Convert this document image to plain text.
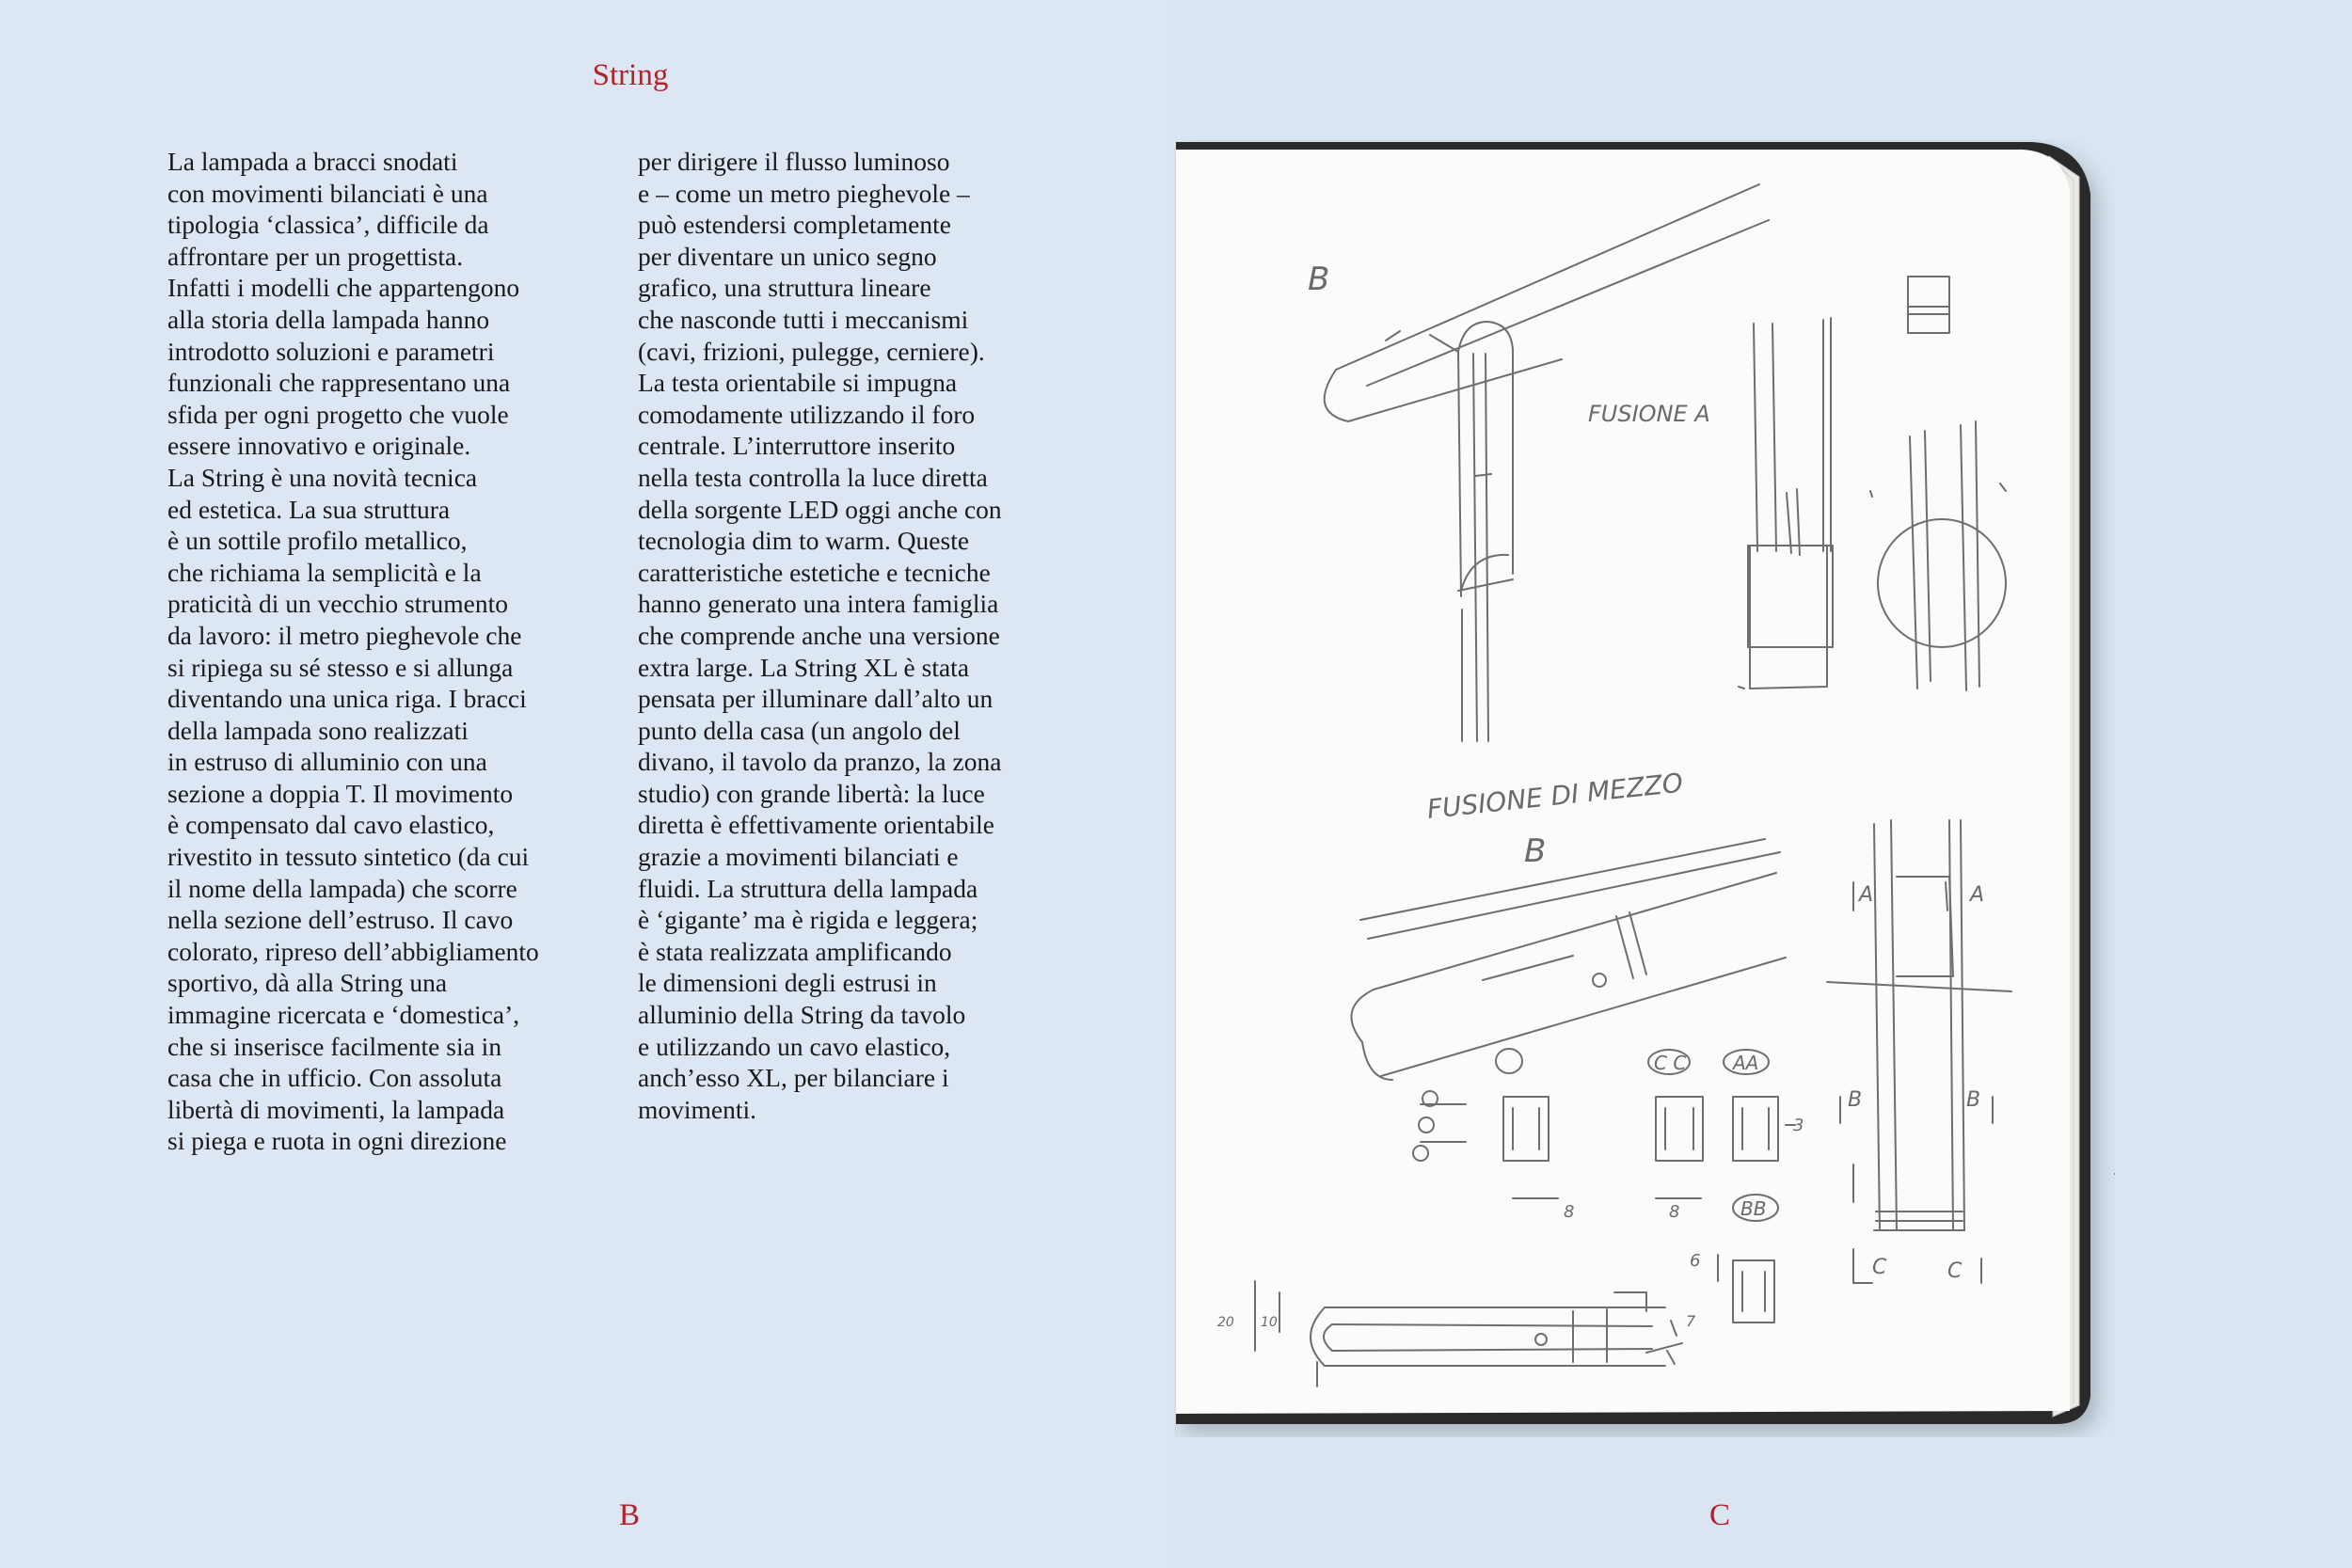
String
La lampada a bracci snodati
con movimenti bilanciati è una
tipologia ‘classica’, difficile da
affrontare per un progettista.
Infatti i modelli che appartengono
alla storia della lampada hanno
introdotto soluzioni e parametri
funzionali che rappresentano una
sfida per ogni progetto che vuole
essere innovativo e originale.
La String è una novità tecnica
ed estetica. La sua struttura
è un sottile profilo metallico,
che richiama la semplicità e la
praticità di un vecchio strumento
da lavoro: il metro pieghevole che
si ripiega su sé stesso e si allunga
diventando una unica riga. I bracci
della lampada sono realizzati
in estruso di alluminio con una
sezione a doppia T. Il movimento
è compensato dal cavo elastico,
rivestito in tessuto sintetico (da cui
il nome della lampada) che scorre
nella sezione dell’estruso. Il cavo
colorato, ripreso dell’abbigliamento
sportivo, dà alla String una
immagine ricercata e ‘domestica’,
che si inserisce facilmente sia in
casa che in ufficio. Con assoluta
libertà di movimenti, la lampada
si piega e ruota in ogni direzione
per dirigere il flusso luminoso
e – come un metro pieghevole –
può estendersi completamente
per diventare un unico segno
grafico, una struttura lineare
che nasconde tutti i meccanismi
(cavi, frizioni, pulegge, cerniere).
La testa orientabile si impugna
comodamente utilizzando il foro
centrale. L’interruttore inserito
nella testa controlla la luce diretta
della sorgente LED oggi anche con
tecnologia dim to warm. Queste
caratteristiche estetiche e tecniche
hanno generato una intera famiglia
che comprende anche una versione
extra large. La String XL è stata
pensata per illuminare dall’alto un
punto della casa (un angolo del
divano, il tavolo da pranzo, la zona
studio) con grande libertà: la luce
diretta è effettivamente orientabile
grazie a movimenti bilanciati e
fluidi. La struttura della lampada
è ‘gigante’ ma è rigida e leggera;
è stata realizzata amplificando
le dimensioni degli estrusi in
alluminio della String da tavolo
e utilizzando un cavo elastico,
anch’esso XL, per bilanciare i
movimenti.
B	C
B
FUSIONE A
FUSIONE DI MEZZO
B
A	A
B	B
C	C
C C AA
BB
8	8
3
6
20 10	7
